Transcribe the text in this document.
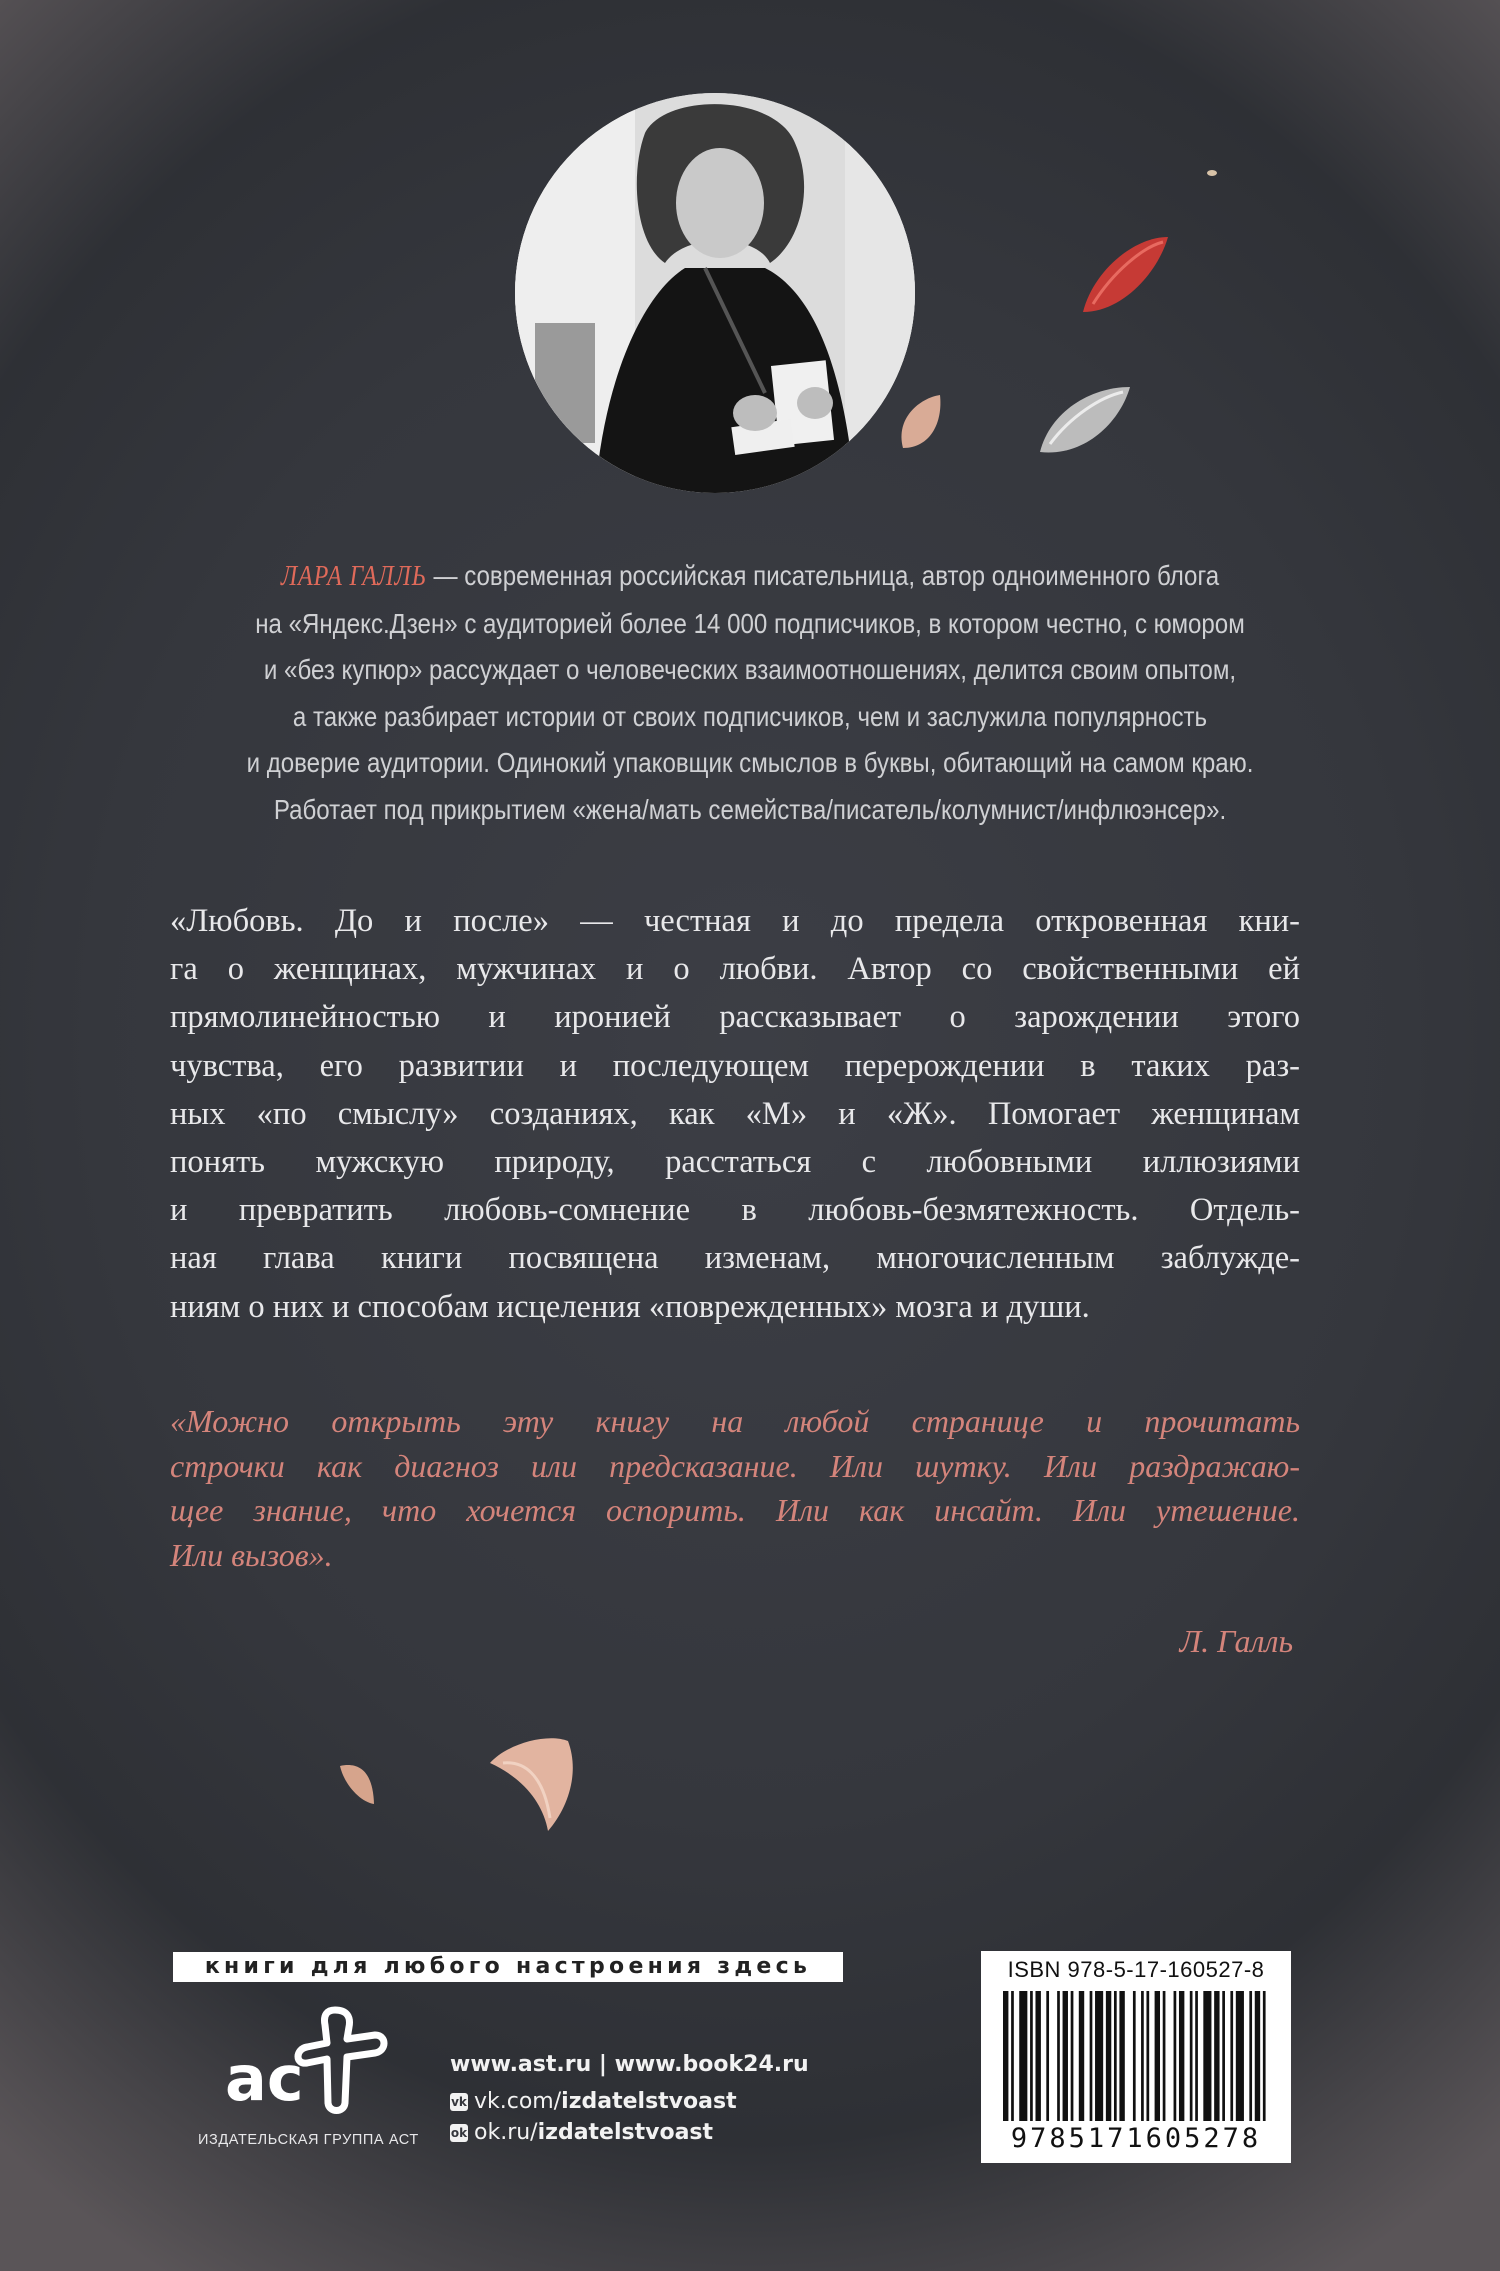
ЛАРА ГАЛЛЬ — современная российская писательница, автор одноименного блога
на «Яндекс.Дзен» с аудиторией более 14 000 подписчиков, в котором честно, с юмором
и «без купюр» рассуждает о человеческих взаимоотношениях, делится своим опытом,
а также разбирает истории от своих подписчиков, чем и заслужила популярность
и доверие аудитории. Одинокий упаковщик смыслов в буквы, обитающий на самом краю.
Работает под прикрытием «жена/мать семейства/писатель/колумнист/инфлюэнсер».
«Любовь. До и после» — честная и до предела откровенная кни-
га о женщинах, мужчинах и о любви. Автор со свойственными ей
прямолинейностью и иронией рассказывает о зарождении этого
чувства, его развитии и последующем перерождении в таких раз-
ных «по смыслу» созданиях, как «М» и «Ж». Помогает женщинам
понять мужскую природу, расстаться с любовными иллюзиями
и превратить любовь-сомнение в любовь-безмятежность. Отдель-
ная глава книги посвящена изменам, многочисленным заблужде-
ниям о них и способам исцеления «поврежденных» мозга и души.
«Можно открыть эту книгу на любой странице и прочитать
строчки как диагноз или предсказание. Или шутку. Или раздражаю-
щее знание, что хочется оспорить. Или как инсайт. Или утешение.
Или вызов».
Л. Галль
книги для любого настроения здесь
ас
ИЗДАТЕЛЬСКАЯ ГРУППА АСТ
www.ast.ru | www.book24.ru
vk vk.com/ izdatelstvoast
ok ok.ru/ izdatelstvoast
ISBN 978-5-17-160527-8
9785171605278
